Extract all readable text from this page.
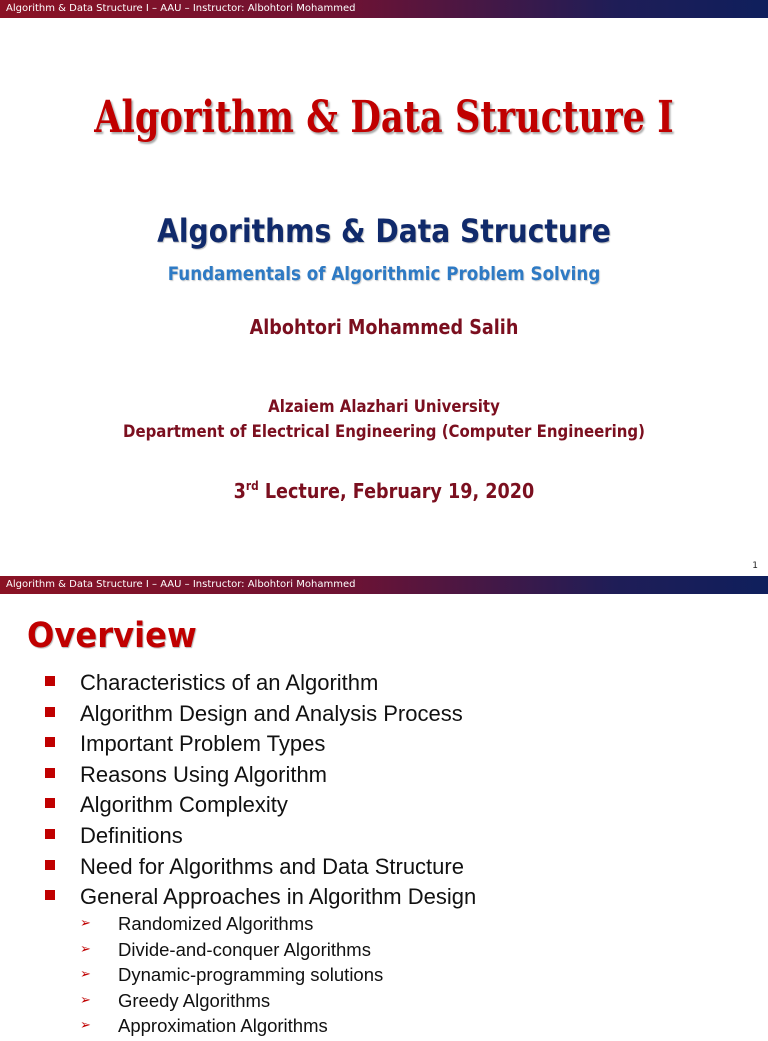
Algorithm & Data Structure I – AAU – Instructor: Albohtori Mohammed
Algorithm & Data Structure I
Algorithms & Data Structure
Fundamentals of Algorithmic Problem Solving
Albohtori Mohammed Salih
Alzaiem Alazhari University
Department of Electrical Engineering (Computer Engineering)
3rd Lecture, February 19, 2020
1
Algorithm & Data Structure I – AAU – Instructor: Albohtori Mohammed
Overview
Characteristics of an Algorithm
Algorithm Design and Analysis Process
Important Problem Types
Reasons Using Algorithm
Algorithm Complexity
Definitions
Need for Algorithms and Data Structure
General Approaches in Algorithm Design
➢ Randomized Algorithms
➢ Divide-and-conquer Algorithms
➢ Dynamic-programming solutions
➢ Greedy Algorithms
➢ Approximation Algorithms
